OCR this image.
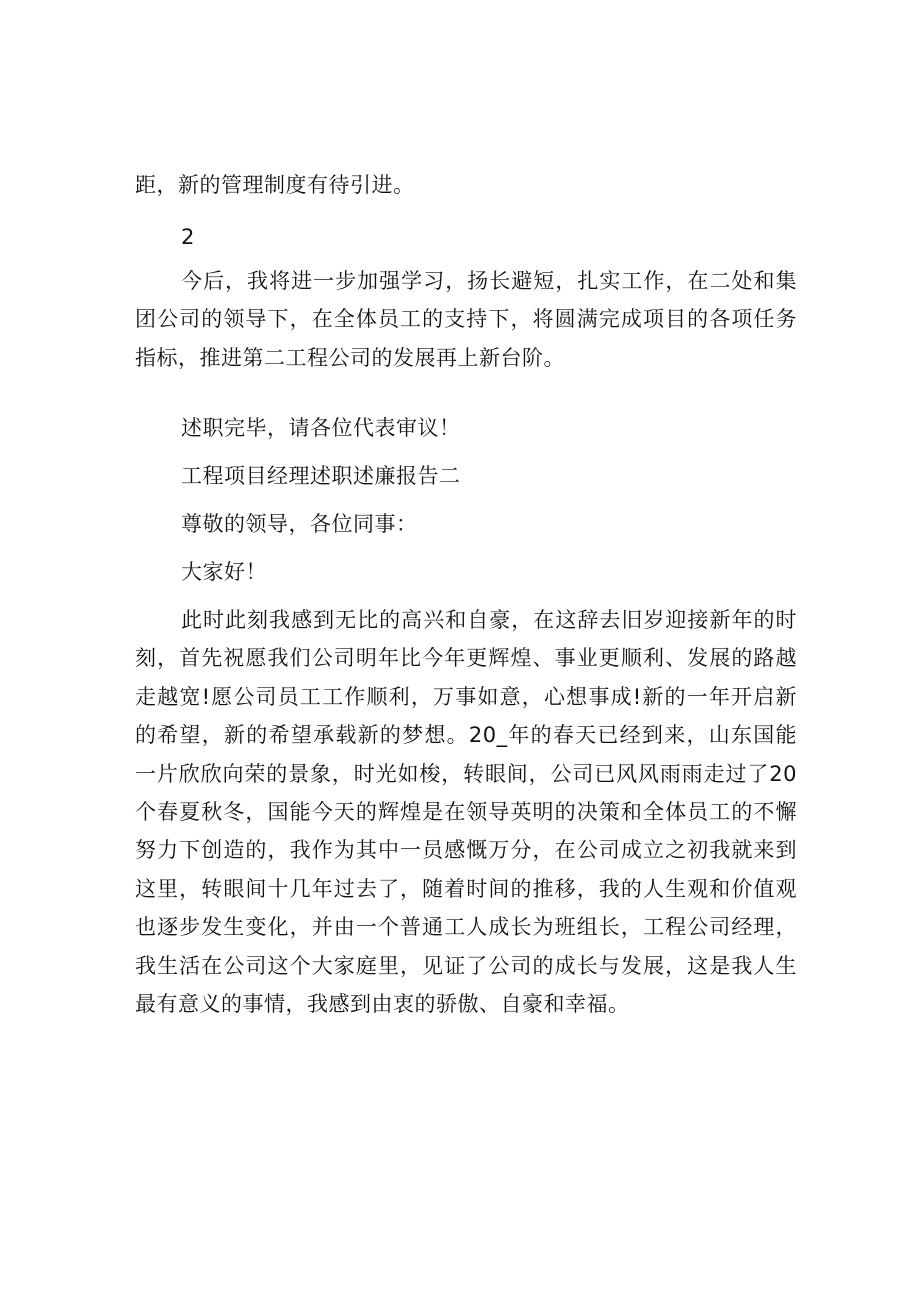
距，新的管理制度有待引进。

2

今后，我将进一步加强学习，扬长避短，扎实工作，在二处和集团公司的领导下，在全体员工的支持下，将圆满完成项目的各项任务指标，推进第二工程公司的发展再上新台阶。

述职完毕，请各位代表审议！

工程项目经理述职述廉报告二

尊敬的领导，各位同事：

大家好！

此时此刻我感到无比的高兴和自豪，在这辞去旧岁迎接新年的时刻，首先祝愿我们公司明年比今年更辉煌、事业更顺利、发展的路越走越宽!愿公司员工工作顺利，万事如意，心想事成!新的一年开启新的希望，新的希望承载新的梦想。20_年的春天已经到来，山东国能一片欣欣向荣的景象，时光如梭，转眼间，公司已风风雨雨走过了20个春夏秋冬，国能今天的辉煌是在领导英明的决策和全体员工的不懈努力下创造的，我作为其中一员感慨万分，在公司成立之初我就来到这里，转眼间十几年过去了，随着时间的推移，我的人生观和价值观也逐步发生变化，并由一个普通工人成长为班组长，工程公司经理，我生活在公司这个大家庭里，见证了公司的成长与发展，这是我人生最有意义的事情，我感到由衷的骄傲、自豪和幸福。
